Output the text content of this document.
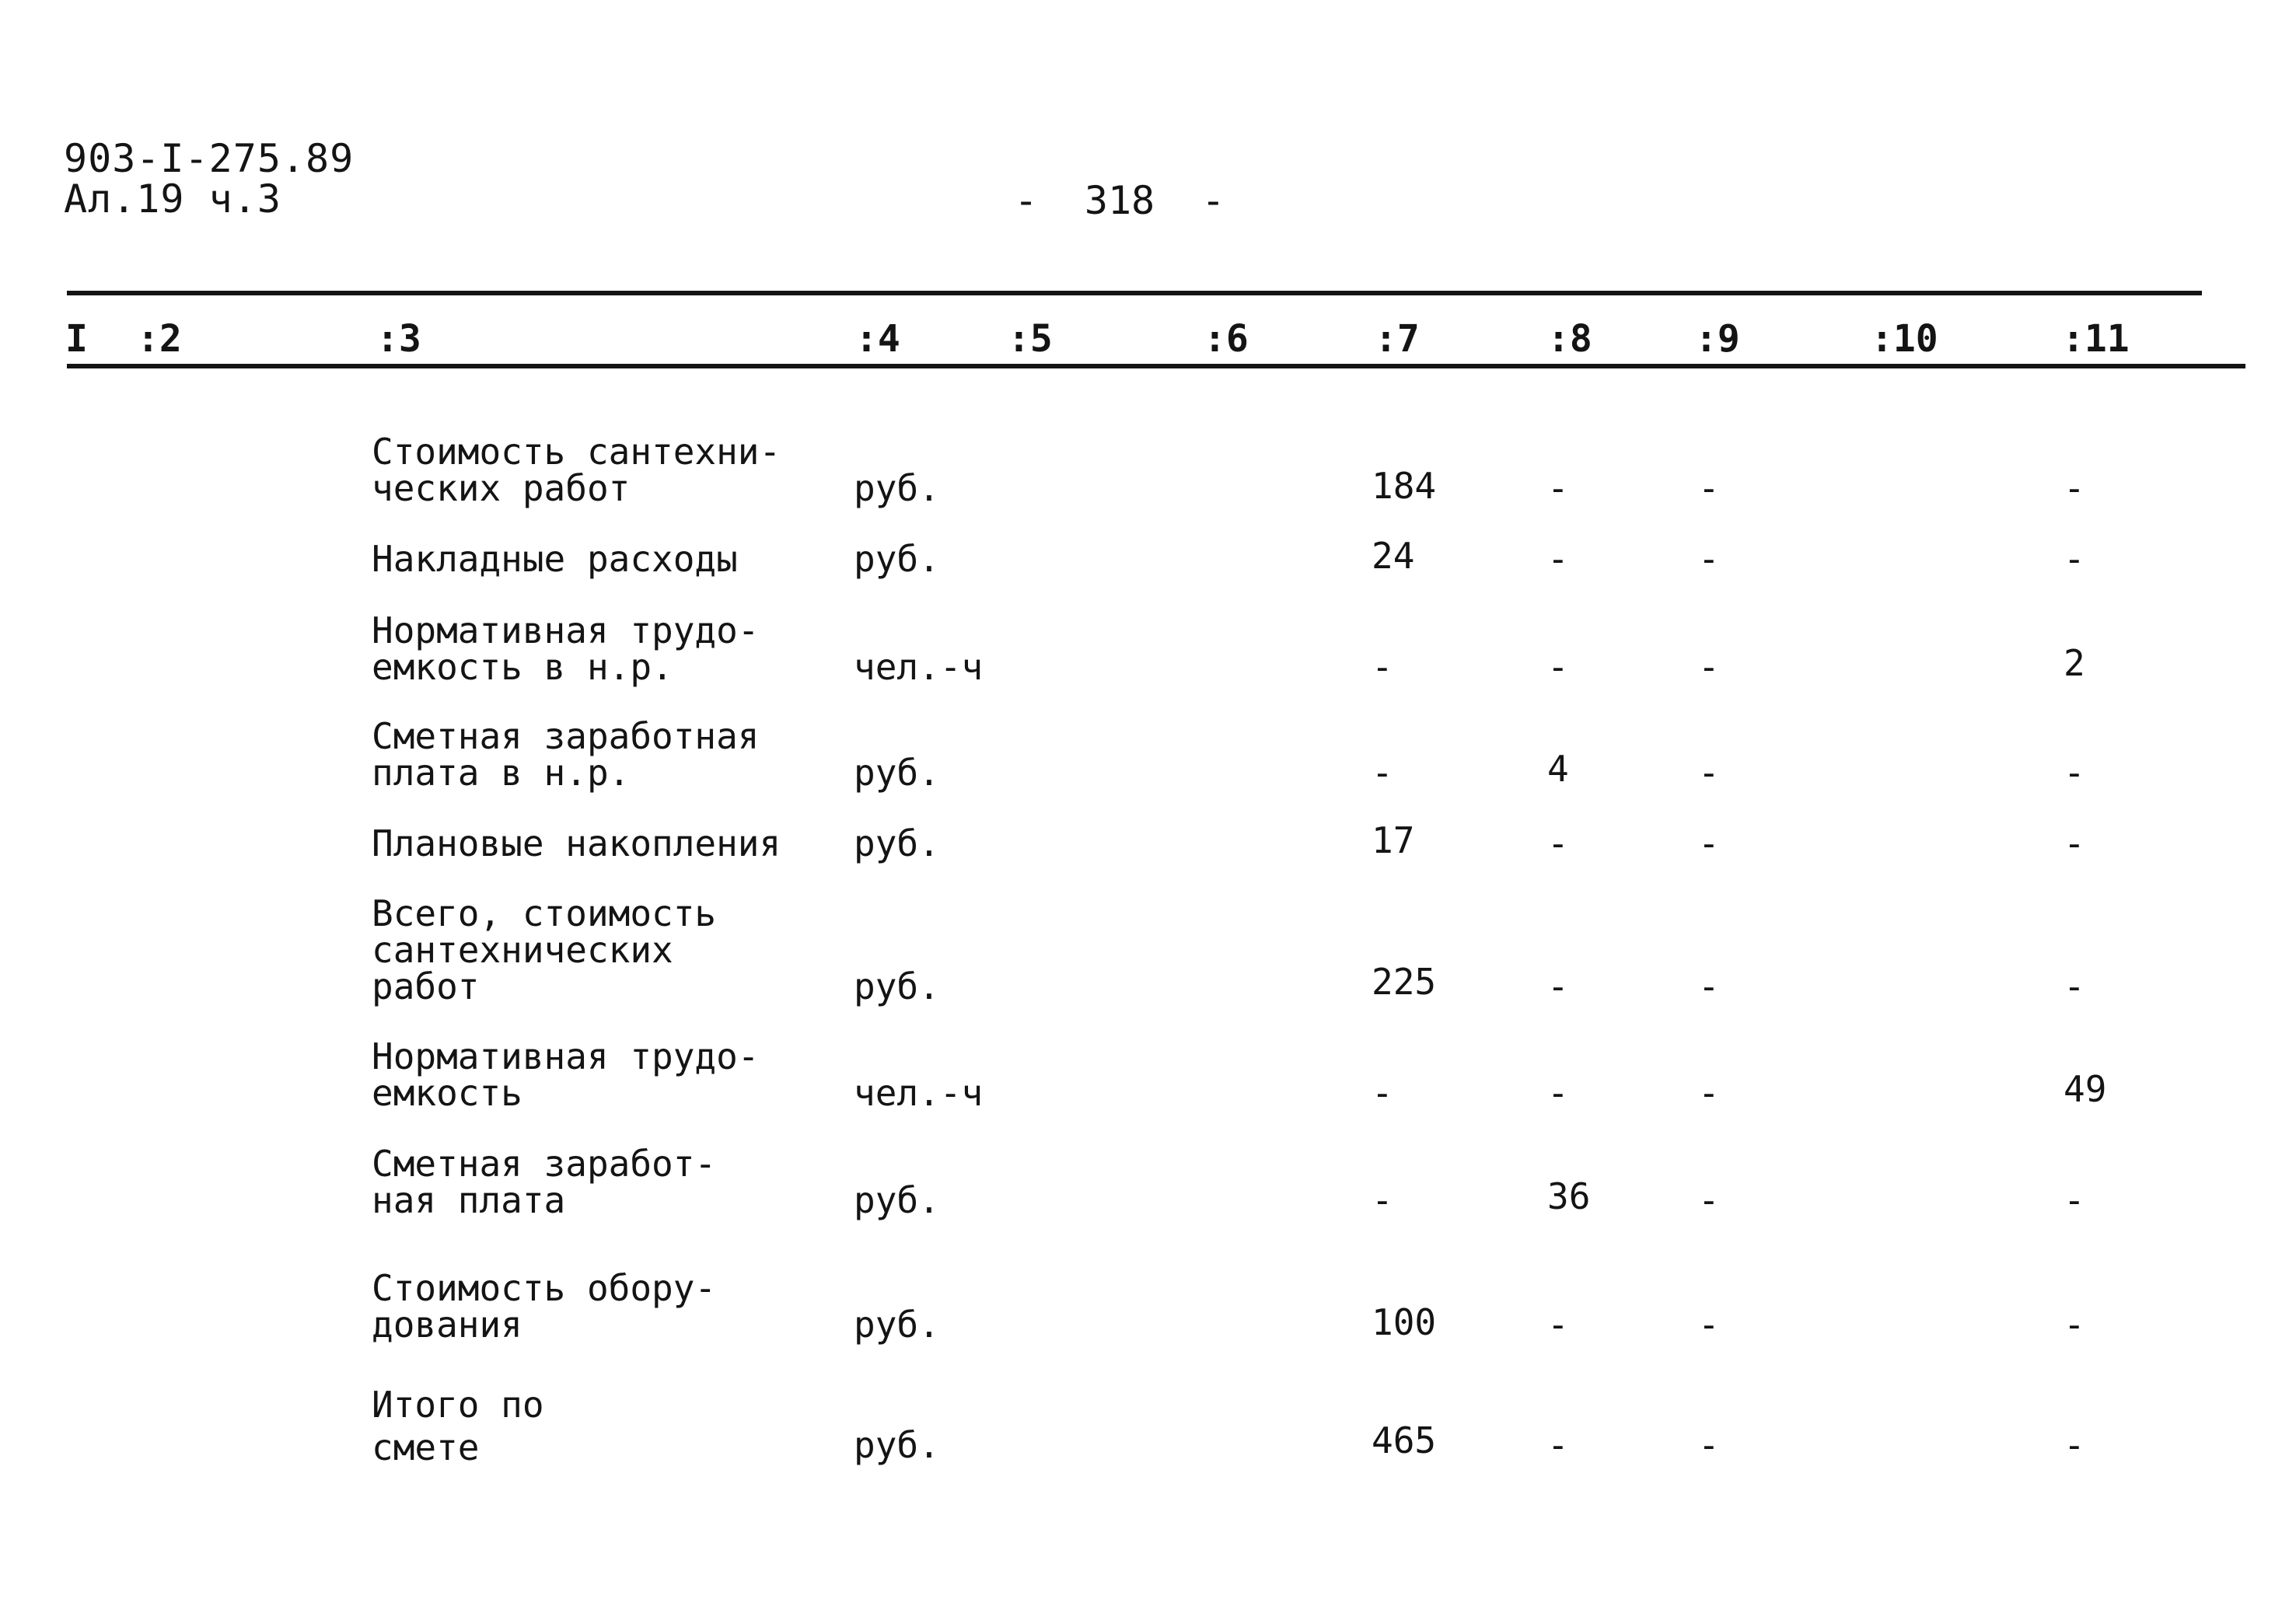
903-I-275.89
Ал.19 ч.3	-  318  -
I :2	:3	:4	:5	:6	:7	:8	:9	:10	:11
Стоимость сантехни-
ческих работ	руб.	184	-	-	-
Накладные расходы	руб.	24	-	-	-
Нормативная трудо-
емкость в н.р.	чел.-ч	-	-	-	2
Сметная заработная
плата в н.р.	руб.	-	4	-	-
Плановые накопления руб.	17	-	-	-
Всего, стоимость
сантехнических
работ	руб.	225	-	-	-
Нормативная трудо-
емкость	чел.-ч	-	-	-	49
Сметная заработ-
ная плата	руб.	-	36	-	-
Стоимость обору-
дования	руб.	100	-	-	-
Итого по
смете	руб.	465	-	-	-
